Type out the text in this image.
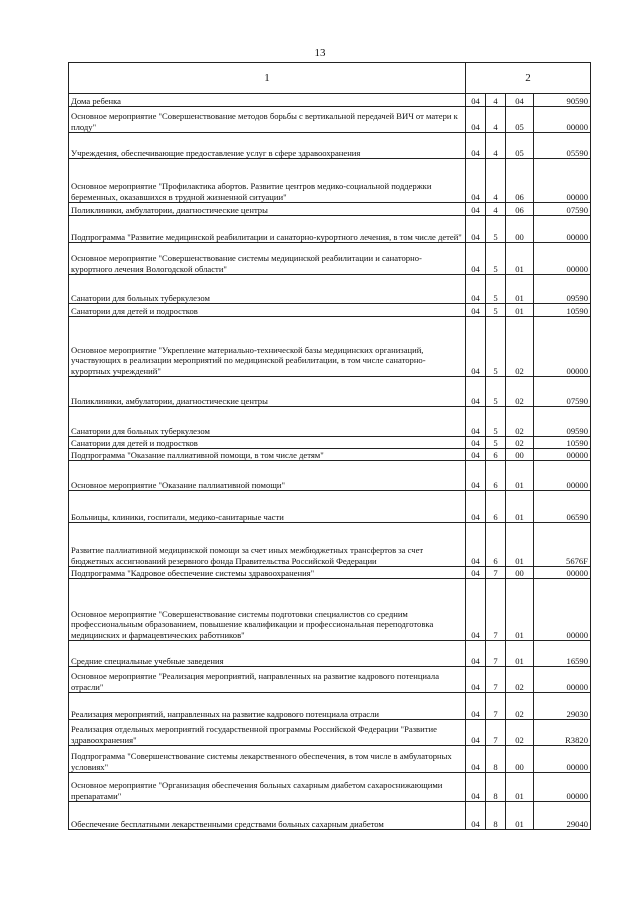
13
1	2			
Дома ребенка	04	4	04	90590
Основное мероприятие "Совершенствование методов борьбы с вертикальной передачей ВИЧ от матери к плоду"	04	4	05	00000
Учреждения, обеспечивающие предоставление услуг в сфере здравоохранения	04	4	05	05590
Основное мероприятие "Профилактика абортов. Развитие центров медико-социальной поддержки беременных, оказавшихся в трудной жизненной ситуации"	04	4	06	00000
Поликлиники, амбулатории, диагностические центры	04	4	06	07590
Подпрограмма "Развитие медицинской реабилитации и санаторно-курортного лечения, в том числе детей"	04	5	00	00000
Основное мероприятие "Совершенствование системы медицинской реабилитации и санаторно-курортного лечения Вологодской области"	04	5	01	00000
Санатории для больных туберкулезом	04	5	01	09590
Санатории для детей и подростков	04	5	01	10590
Основное мероприятие "Укрепление материально-технической базы медицинских организаций, участвующих в реализации мероприятий по медицинской реабилитации, в том числе санаторно-курортных учреждений"	04	5	02	00000
Поликлиники, амбулатории, диагностические центры	04	5	02	07590
Санатории для больных туберкулезом	04	5	02	09590
Санатории для детей и подростков	04	5	02	10590
Подпрограмма "Оказание паллиативной помощи, в том числе детям"	04	6	00	00000
Основное мероприятие "Оказание паллиативной помощи"	04	6	01	00000
Больницы, клиники, госпитали, медико-санитарные части	04	6	01	06590
Развитие паллиативной медицинской помощи за счет иных межбюджетных трансфертов за счет бюджетных ассигнований резервного фонда Правительства Российской Федерации	04	6	01	5676F
Подпрограмма "Кадровое обеспечение системы здравоохранения"	04	7	00	00000
Основное мероприятие "Совершенствование системы подготовки специалистов со средним профессиональным образованием, повышение квалификации и профессиональная переподготовка медицинских и фармацевтических работников"	04	7	01	00000
Средние специальные учебные заведения	04	7	01	16590
Основное мероприятие "Реализация мероприятий, направленных на развитие кадрового потенциала отрасли"	04	7	02	00000
Реализация мероприятий, направленных на развитие кадрового потенциала отрасли	04	7	02	29030
Реализация отдельных мероприятий государственной программы Российской Федерации "Развитие здравоохранения"	04	7	02	R3820
Подпрограмма "Совершенствование системы лекарственного обеспечения, в том числе в амбулаторных условиях"	04	8	00	00000
Основное мероприятие "Организация обеспечения больных сахарным диабетом сахароснижающими препаратами"	04	8	01	00000
Обеспечение бесплатными лекарственными средствами больных сахарным диабетом	04	8	01	29040
